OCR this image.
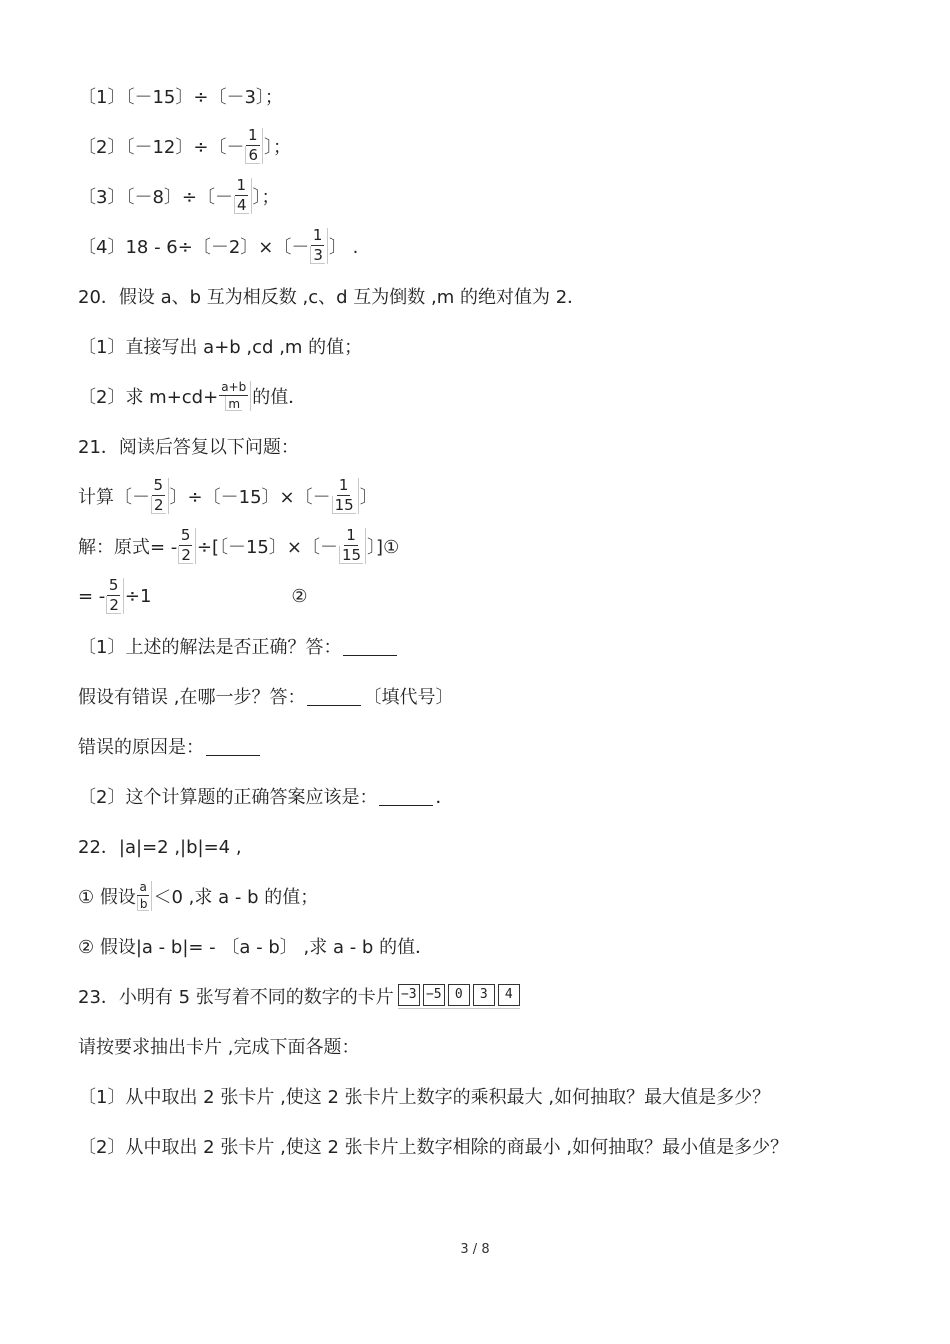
〔1〕〔－15〕÷〔－3〕；
〔2〕〔－12〕÷〔－ $\frac{1}{6}$ 〕；
〔3〕〔－8〕÷〔－ $\frac{1}{4}$ 〕；
〔4〕18 - 6÷〔－2〕×〔－ $\frac{1}{3}$ 〕 .
20．假设 a、b 互为相反数 ,c、d 互为倒数 ,m 的绝对值为 2．
〔1〕直接写出 a+b ,cd ,m 的值；
〔2〕求 $m+cd+ \frac{a+b}{m}$ 的值．
21．阅读后答复以下问题：
计算〔－ $\frac{5}{2}$ 〕÷〔－15〕×〔－ $\frac{1}{15}$ 〕
解：原式= - $\frac{5}{2}$ ÷[〔－15〕×〔－ $\frac{1}{15}$ 〕]①
= - $\frac{5}{2} \div 1$	②
〔1〕上述的解法是否正确？答：
假设有错误 ,在哪一步？答：	〔填代号〕
错误的原因是：
〔2〕这个计算题的正确答案应该是：	．
22．|a|=2 ,|b|=4 ,
① 假设 $\frac{a}{b} <0$ ,求 a - b 的值；
② 假设|a - b|= - 〔a - b〕 ,求 a - b 的值．
23．小明有 5 张写着不同的数字的卡片 −3 −5	0	3	4
请按要求抽出卡片 ,完成下面各题：
〔1〕从中取出 2 张卡片 ,使这 2 张卡片上数字的乘积最大 ,如何抽取？最大值是多少？
〔2〕从中取出 2 张卡片 ,使这 2 张卡片上数字相除的商最小 ,如何抽取？最小值是多少？
3 / 8
